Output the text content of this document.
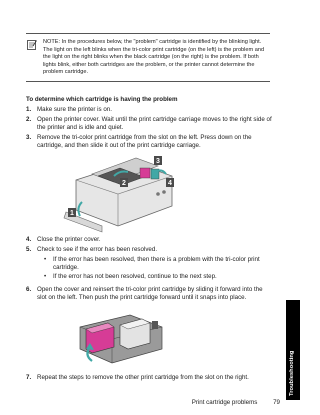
NOTE: In the procedures below, the "problem" cartridge is identified by the blinking light. The light on the left blinks when the tri-color print cartridge (on the left) is the problem and the light on the right blinks when the black cartridge (on the right) is the problem. If both lights blink, either both cartridges are the problem, or the printer cannot determine the problem cartridge.
To determine which cartridge is having the problem
1. Make sure the printer is on.
2. Open the printer cover. Wait until the print cartridge carriage moves to the right side of the printer and is idle and quiet.
3. Remove the tri-color print cartridge from the slot on the left. Press down on the cartridge, and then slide it out of the print cartridge carriage.
1
2
3
4
4. Close the printer cover.
5. Check to see if the error has been resolved.
•	If the error has been resolved, then there is a problem with the tri-color print cartridge.
•	If the error has not been resolved, continue to the next step.
6. Open the cover and reinsert the tri-color print cartridge by sliding it forward into the slot on the left. Then push the print cartridge forward until it snaps into place.
7. Repeat the steps to remove the other print cartridge from the slot on the right.	Troubleshooting
Print cartridge problems	79
